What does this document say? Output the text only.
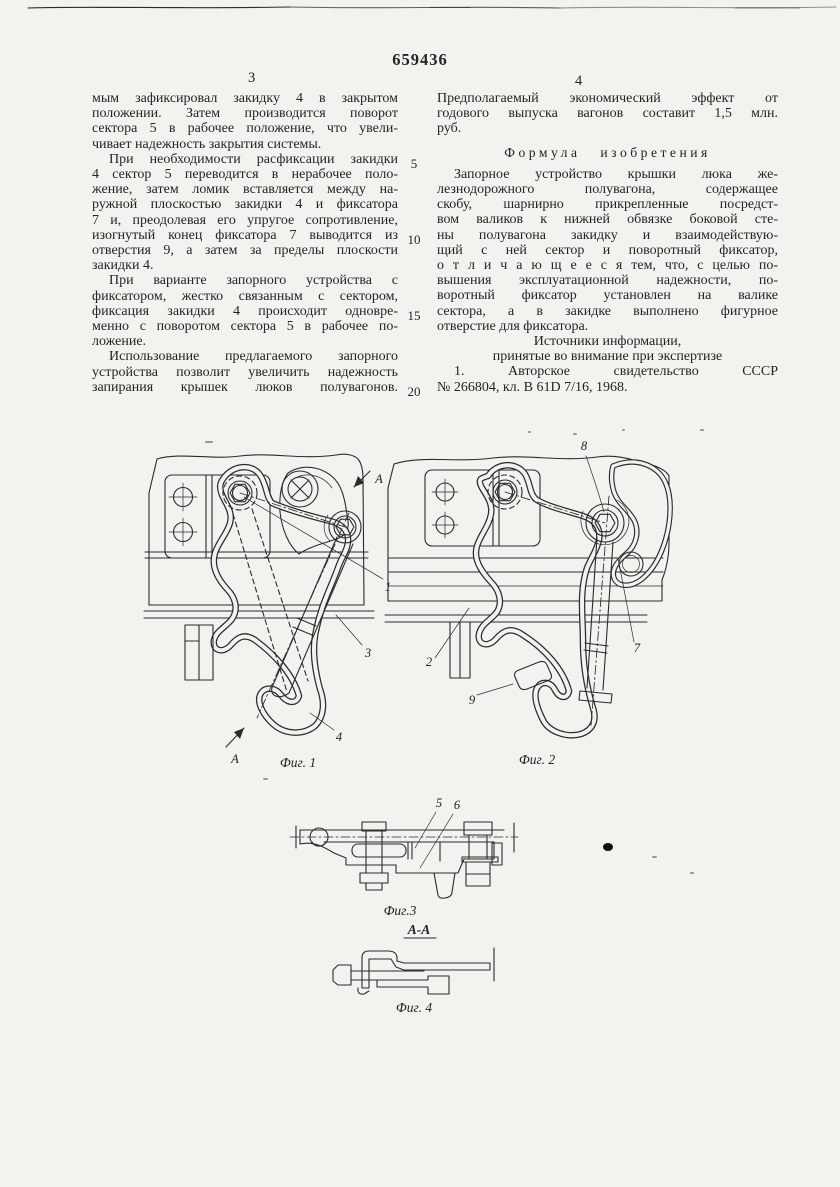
659436
3	4
5
10
15
20
мым зафиксировал закидку 4 в закрытом
положении. Затем производится поворот
сектора 5 в рабочее положение, что увели-
чивает надежность закрытия системы.
При необходимости расфиксации закидки
4 сектор 5 переводится в нерабочее поло-
жение, затем ломик вставляется между на-
ружной плоскостью закидки 4 и фиксатора
7 и, преодолевая его упругое сопротивление,
изогнутый конец фиксатора 7 выводится из
отверстия 9, а затем за пределы плоскости
закидки 4.
При варианте запорного устройства с
фиксатором, жестко связанным с сектором,
фиксация закидки 4 происходит одновре-
менно с поворотом сектора 5 в рабочее по-
ложение.
Использование предлагаемого запорного
устройства позволит увеличить надежность
запирания крышек люков полувагонов.
Предполагаемый экономический эффект от
годового выпуска вагонов составит 1,5 млн.
руб.
Формула изобретения
Запорное устройство крышки люка же-
лезнодорожного полувагона, содержащее
скобу, шарнирно прикрепленные посредст-
вом валиков к нижней обвязке боковой сте-
ны полувагона закидку и взаимодействую-
щий с ней сектор и поворотный фиксатор,
о т л и ч а ю щ е е с я тем, что, с целью по-
вышения эксплуатационной надежности, по-
воротный фиксатор установлен на валике
сектора, а в закидке выполнено фигурное
отверстие для фиксатора.
Источники информации,
принятые во внимание при экспертизе
1. Авторское свидетельство СССР
№ 266804, кл. В 61D 7/16, 1968.
А
А
1
3
4
Фиг. 1
8
7
2
9
Фиг. 2
5 6
Фиг.3
А-А
Фиг. 4
